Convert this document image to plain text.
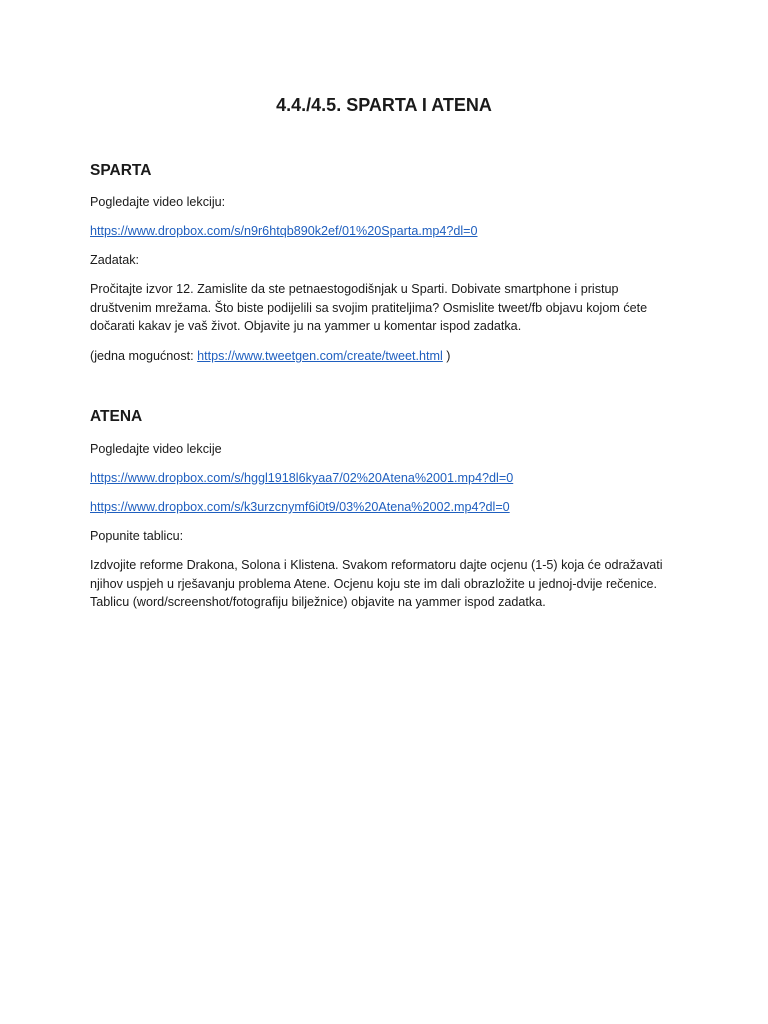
4.4./4.5. SPARTA I ATENA
SPARTA

Pogledajte video lekciju:

https://www.dropbox.com/s/n9r6htqb890k2ef/01%20Sparta.mp4?dl=0

Zadatak:

Pročitajte izvor 12. Zamislite da ste petnaestogodišnjak u Sparti. Dobivate smartphone i pristup društvenim mrežama. Što biste podijelili sa svojim pratiteljima? Osmislite tweet/fb objavu kojom ćete dočarati kakav je vaš život. Objavite ju na yammer u komentar ispod zadatka.

(jedna mogućnost: https://www.tweetgen.com/create/tweet.html )

ATENA

Pogledajte video lekcije

https://www.dropbox.com/s/hggl1918l6kyaa7/02%20Atena%2001.mp4?dl=0

https://www.dropbox.com/s/k3urzcnymf6i0t9/03%20Atena%2002.mp4?dl=0

Popunite tablicu:

Izdvojite reforme Drakona, Solona i Klistena. Svakom reformatoru dajte ocjenu (1-5) koja će odražavati njihov uspjeh u rješavanju problema Atene. Ocjenu koju ste im dali obrazložite u jednoj-dvije rečenice. Tablicu (word/screenshot/fotografiju bilježnice) objavite na yammer ispod zadatka.
